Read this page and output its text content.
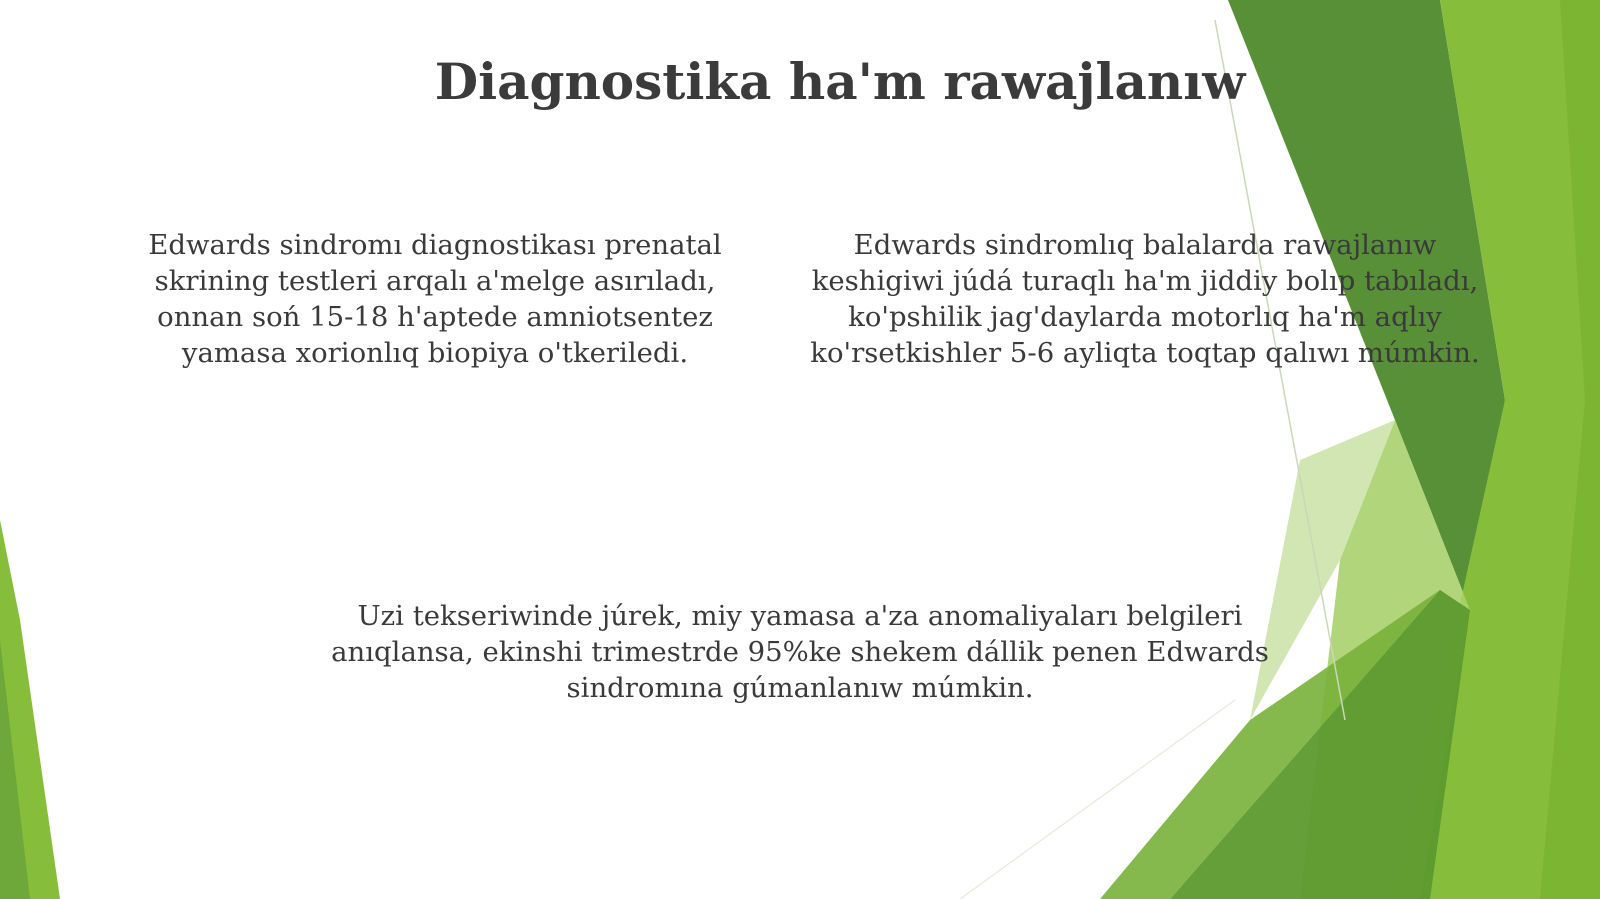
Diagnostika ha'm rawajlanıw
Edwards sindromı diagnostikası prenatal skrining testleri arqalı a'melge asırıladı, onnan soń 15-18 h'aptede amniotsentez yamasa xorionlıq biopiya o'tkeriledi.
Edwards sindromlıq balalarda rawajlanıw keshigiwi júdá turaqlı ha'm jiddiy bolıp tabıladı, ko'pshilik jag'daylarda motorlıq ha'm aqlıy ko'rsetkishler 5-6 ayliqta toqtap qalıwı múmkin.
Uzi tekseriwinde júrek, miy yamasa a'za anomaliyaları belgileri anıqlansa, ekinshi trimestrde 95%ke shekem dállik penen Edwards sindromına gúmanlanıw múmkin.
